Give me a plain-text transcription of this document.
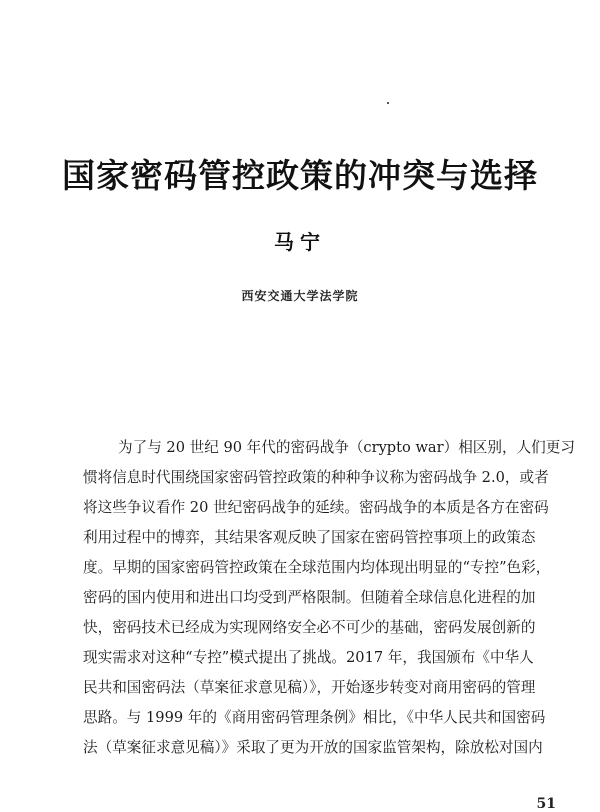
国家密码管控政策的冲突与选择
马宁
西安交通大学法学院
为了与 20 世纪 90 年代的密码战争（crypto war）相区别，人们更习
惯将信息时代围绕国家密码管控政策的种种争议称为密码战争 2.0，或者
将这些争议看作 20 世纪密码战争的延续。密码战争的本质是各方在密码
利用过程中的博弈，其结果客观反映了国家在密码管控事项上的政策态
度。早期的国家密码管控政策在全球范围内均体现出明显的“专控”色彩，
密码的国内使用和进出口均受到严格限制。但随着全球信息化进程的加
快，密码技术已经成为实现网络安全必不可少的基础，密码发展创新的
现实需求对这种“专控”模式提出了挑战。2017 年，我国颁布《中华人
民共和国密码法（草案征求意见稿）》，开始逐步转变对商用密码的管理
思路。与 1999 年的《商用密码管理条例》相比，《中华人民共和国密码
法（草案征求意见稿）》采取了更为开放的国家监管架构，除放松对国内
51
